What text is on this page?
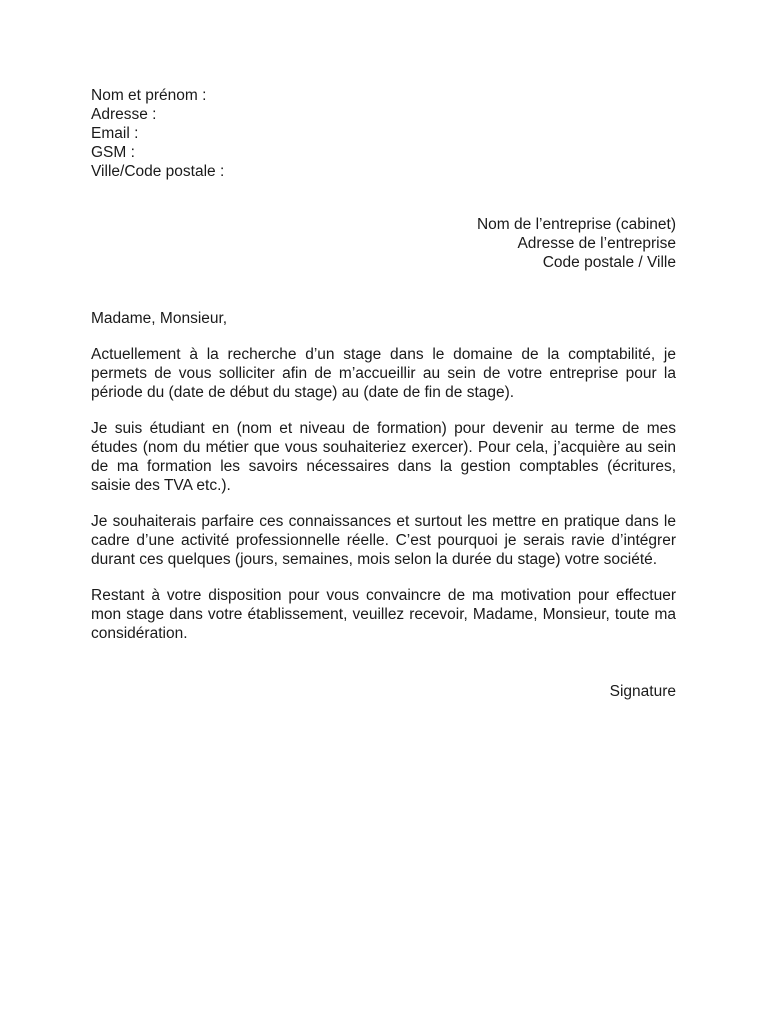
Nom et prénom :
Adresse :
Email :
GSM :
Ville/Code postale :
Nom de l’entreprise (cabinet)
Adresse de l’entreprise
Code postale / Ville
Madame, Monsieur,
Actuellement à la recherche d’un stage dans le domaine de la comptabilité, je permets de vous solliciter afin de m’accueillir au sein de votre entreprise pour la période du (date de début du stage) au (date de fin de stage).
Je suis étudiant en (nom et niveau de formation) pour devenir au terme de mes études (nom du métier que vous souhaiteriez exercer). Pour cela, j’acquière au sein de ma formation les savoirs nécessaires dans la gestion comptables (écritures, saisie des TVA etc.).
Je souhaiterais parfaire ces connaissances et surtout les mettre en pratique dans le cadre d’une activité professionnelle réelle. C’est pourquoi je serais ravie d’intégrer durant ces quelques (jours, semaines, mois selon la durée du stage) votre société.
Restant à votre disposition pour vous convaincre de ma motivation pour effectuer mon stage dans votre établissement, veuillez recevoir, Madame, Monsieur, toute ma considération.
Signature
